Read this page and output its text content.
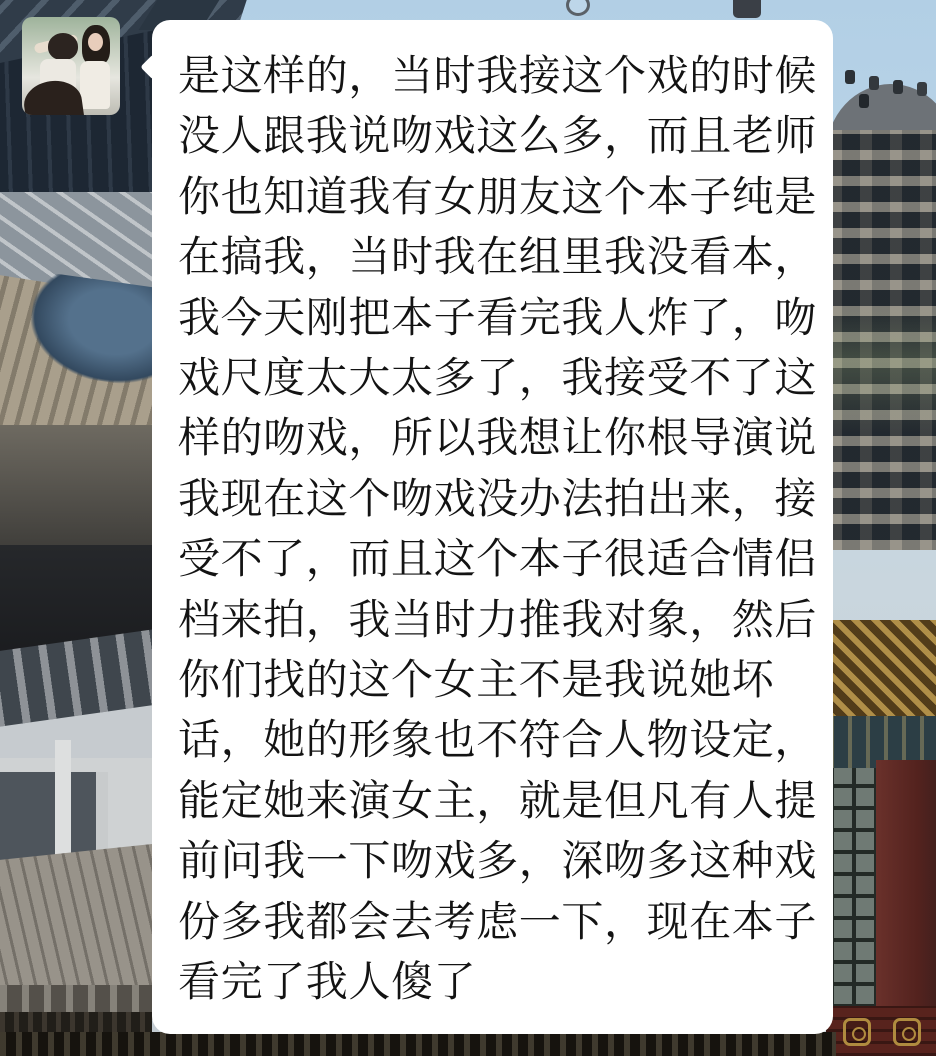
是这样的，当时我接这个戏的时候
没人跟我说吻戏这么多，而且老师
你也知道我有女朋友这个本子纯是
在搞我，当时我在组里我没看本，
我今天刚把本子看完我人炸了，吻
戏尺度太大太多了，我接受不了这
样的吻戏，所以我想让你根导演说
我现在这个吻戏没办法拍出来，接
受不了，而且这个本子很适合情侣
档来拍，我当时力推我对象，然后
你们找的这个女主不是我说她坏
话，她的形象也不符合人物设定，
能定她来演女主，就是但凡有人提
前问我一下吻戏多，深吻多这种戏
份多我都会去考虑一下，现在本子
看完了我人傻了
